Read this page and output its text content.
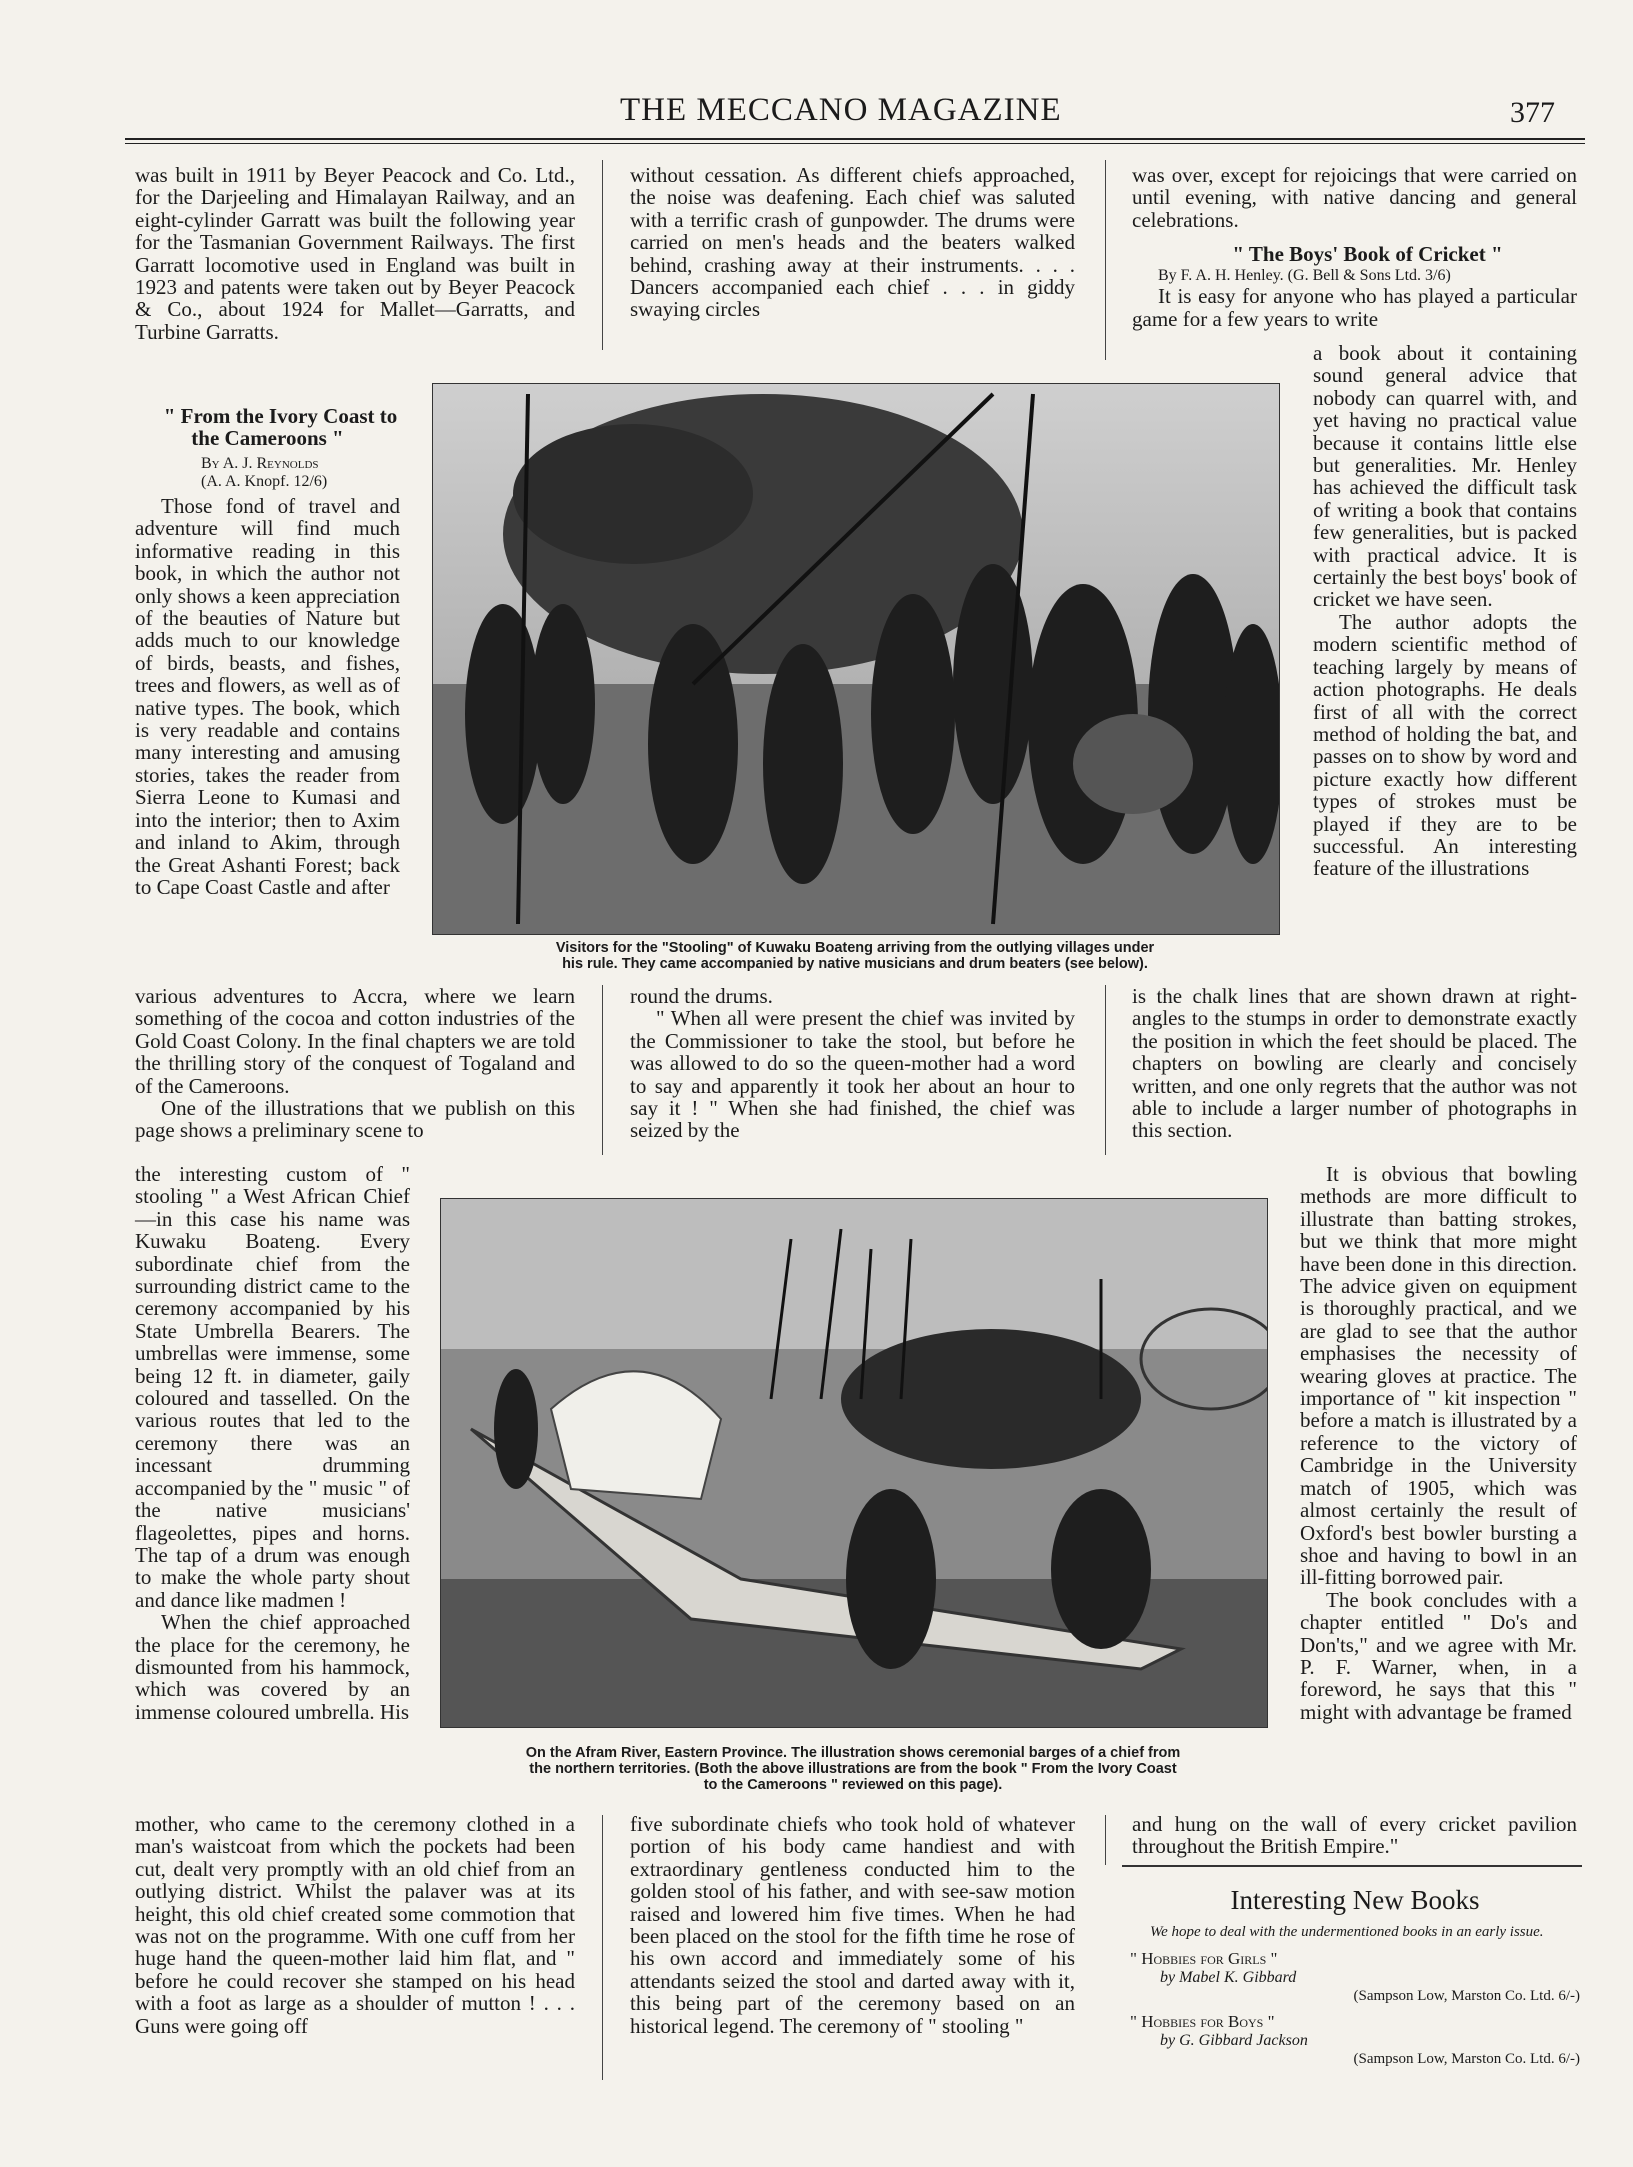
THE MECCANO MAGAZINE	377

was built in 1911 by Beyer Peacock and Co. Ltd., for the Darjeeling and Himalayan Railway, and an eight-cylinder Garratt was built the following year for the Tasmanian Government Railways. The first Garratt locomotive used in England was built in 1923 and patents were taken out by Beyer Peacock & Co., about 1924 for Mallet—Garratts, and Turbine Garratts.

" From the Ivory Coast to the Cameroons "

By A. J. Reynolds

(A. A. Knopf. 12/6)

Those fond of travel and adventure will find much informative reading in this book, in which the author not only shows a keen appreciation of the beauties of Nature but adds much to our knowledge of birds, beasts, and fishes, trees and flowers, as well as of native types. The book, which is very readable and contains many interesting and amusing stories, takes the reader from Sierra Leone to Kumasi and into the interior; then to Axim and inland to Akim, through the Great Ashanti Forest; back to Cape Coast Castle and after

various adventures to Accra, where we learn something of the cocoa and cotton industries of the Gold Coast Colony. In the final chapters we are told the thrilling story of the conquest of Togaland and of the Cameroons.

One of the illustrations that we publish on this page shows a preliminary scene to

the interesting custom of " stooling " a West African Chief—in this case his name was Kuwaku Boateng. Every subordinate chief from the surrounding district came to the ceremony accompanied by his State Umbrella Bearers. The umbrellas were immense, some being 12 ft. in diameter, gaily coloured and tasselled. On the various routes that led to the ceremony there was an incessant drumming accompanied by the " music " of the native musicians' flageolettes, pipes and horns. The tap of a drum was enough to make the whole party shout and dance like madmen !

When the chief approached the place for the ceremony, he dismounted from his hammock, which was covered by an immense coloured umbrella. His

mother, who came to the ceremony clothed in a man's waistcoat from which the pockets had been cut, dealt very promptly with an old chief from an outlying district. Whilst the palaver was at its height, this old chief created some commotion that was not on the programme. With one cuff from her huge hand the queen-mother laid him flat, and " before he could recover she stamped on his head with a foot as large as a shoulder of mutton ! . . . Guns were going off

without cessation. As different chiefs approached, the noise was deafening. Each chief was saluted with a terrific crash of gunpowder. The drums were carried on men's heads and the beaters walked behind, crashing away at their instruments. . . . Dancers accompanied each chief . . . in giddy swaying circles

round the drums.

" When all were present the chief was invited by the Commissioner to take the stool, but before he was allowed to do so the queen-mother had a word to say and apparently it took her about an hour to say it ! " When she had finished, the chief was seized by the

five subordinate chiefs who took hold of whatever portion of his body came handiest and with extraordinary gentleness conducted him to the golden stool of his father, and with see-saw motion raised and lowered him five times. When he had been placed on the stool for the fifth time he rose of his own accord and immediately some of his attendants seized the stool and darted away with it, this being part of the ceremony based on an historical legend. The ceremony of " stooling "

was over, except for rejoicings that were carried on until evening, with native dancing and general celebrations.

" The Boys' Book of Cricket "

By F. A. H. Henley. (G. Bell & Sons Ltd. 3/6)

It is easy for anyone who has played a particular game for a few years to write

a book about it containing sound general advice that nobody can quarrel with, and yet having no practical value because it contains little else but generalities. Mr. Henley has achieved the difficult task of writing a book that contains few generalities, but is packed with practical advice. It is certainly the best boys' book of cricket we have seen.

The author adopts the modern scientific method of teaching largely by means of action photographs. He deals first of all with the correct method of holding the bat, and passes on to show by word and picture exactly how different types of strokes must be played if they are to be successful. An interesting feature of the illustrations

is the chalk lines that are shown drawn at right-angles to the stumps in order to demonstrate exactly the position in which the feet should be placed. The chapters on bowling are clearly and concisely written, and one only regrets that the author was not able to include a larger number of photographs in this section.

It is obvious that bowling methods are more difficult to illustrate than batting strokes, but we think that more might have been done in this direction. The advice given on equipment is thoroughly practical, and we are glad to see that the author emphasises the necessity of wearing gloves at practice. The importance of " kit inspection " before a match is illustrated by a reference to the victory of Cambridge in the University match of 1905, which was almost certainly the result of Oxford's best bowler bursting a shoe and having to bowl in an ill-fitting borrowed pair.

The book concludes with a chapter entitled " Do's and Don'ts," and we agree with Mr. P. F. Warner, when, in a foreword, he says that this " might with advantage be framed

and hung on the wall of every cricket pavilion throughout the British Empire."

Visitors for the "Stooling" of Kuwaku Boateng arriving from the outlying villages under
his rule. They came accompanied by native musicians and drum beaters (see below).
On the Afram River, Eastern Province. The illustration shows ceremonial barges of a chief from
the northern territories. (Both the above illustrations are from the book " From the Ivory Coast
to the Cameroons " reviewed on this page).
Interesting New Books
We hope to deal with the undermentioned books in an early issue.
" Hobbies for Girls "
by Mabel K. Gibbard
(Sampson Low, Marston Co. Ltd. 6/-)
" Hobbies for Boys "
by G. Gibbard Jackson
(Sampson Low, Marston Co. Ltd. 6/-)
